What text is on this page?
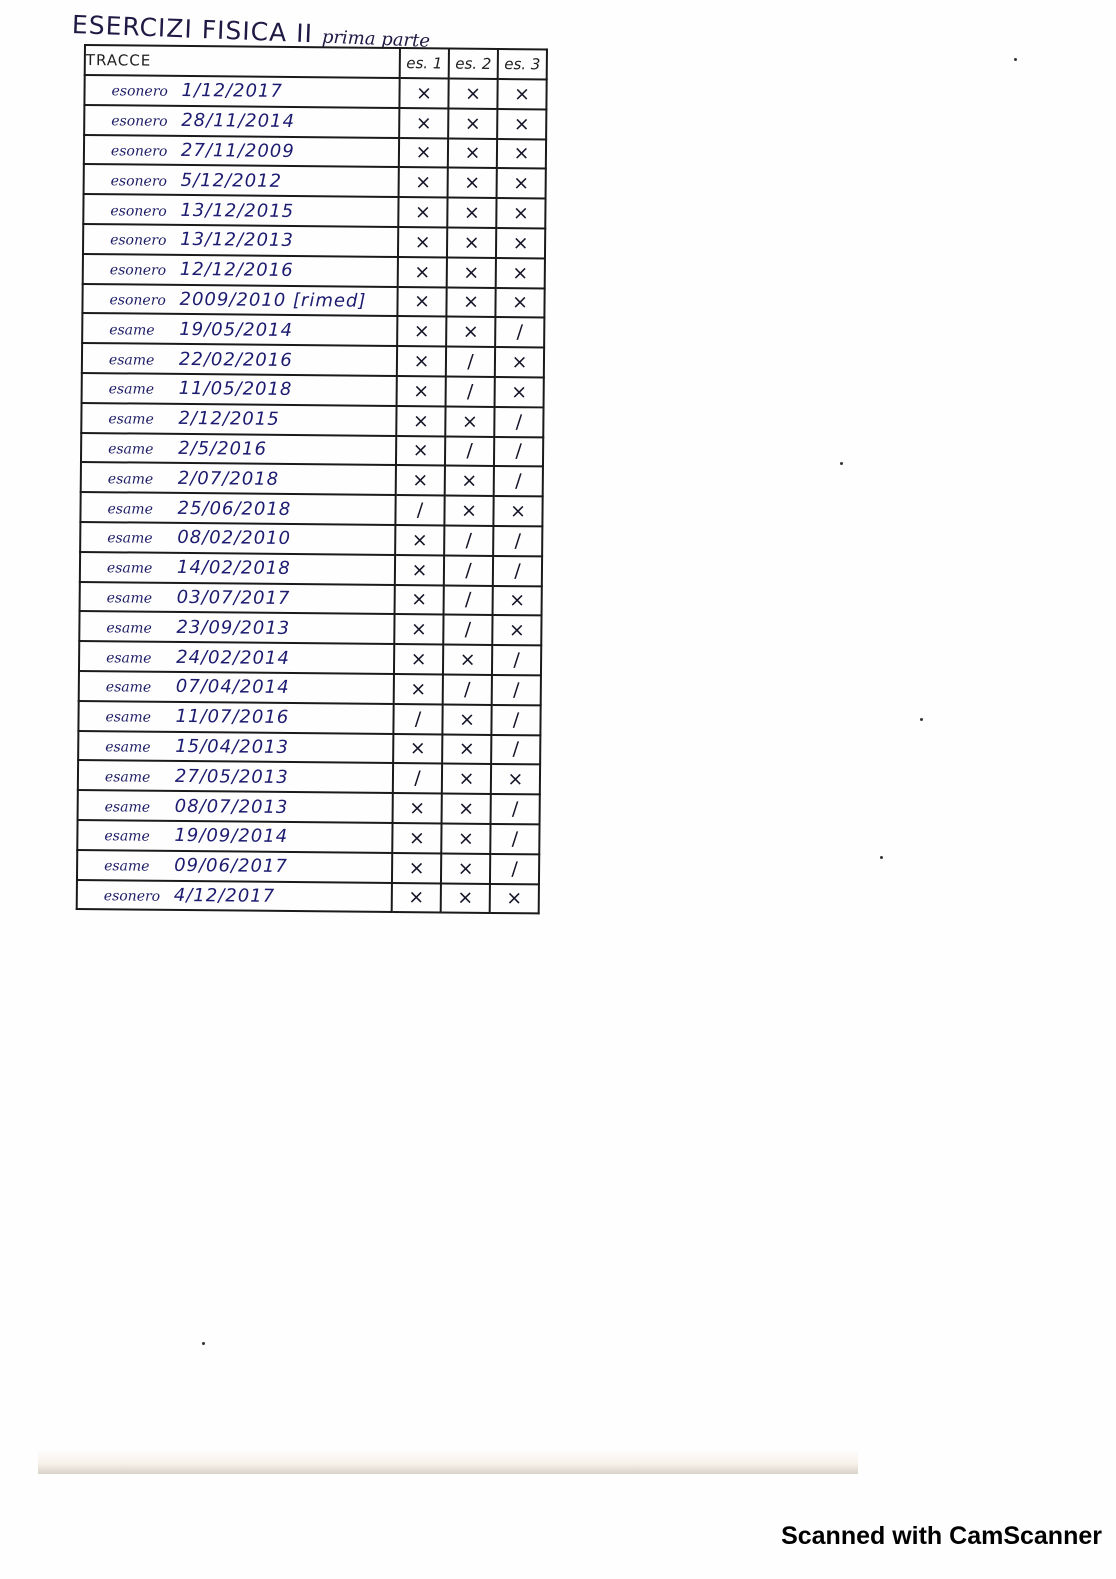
ESERCIZI FISICA II prima parte
TRACCE	es. 1	es. 2	es. 3
esonero 1/12/2017	×	×	×
esonero 28/11/2014	×	×	×
esonero 27/11/2009	×	×	×
esonero 5/12/2012	×	×	×
esonero 13/12/2015	×	×	×
esonero 13/12/2013	×	×	×
esonero 12/12/2016	×	×	×
esonero 2009/2010 [rimed]	×	×	×
esame 19/05/2014	×	×	/
esame 22/02/2016	×	/	×
esame 11/05/2018	×	/	×
esame 2/12/2015	×	×	/
esame 2/5/2016	×	/	/
esame 2/07/2018	×	×	/
esame 25/06/2018	/	×	×
esame 08/02/2010	×	/	/
esame 14/02/2018	×	/	/
esame 03/07/2017	×	/	×
esame 23/09/2013	×	/	×
esame 24/02/2014	×	×	/
esame 07/04/2014	×	/	/
esame 11/07/2016	/	×	/
esame 15/04/2013	×	×	/
esame 27/05/2013	/	×	×
esame 08/07/2013	×	×	/
esame 19/09/2014	×	×	/
esame 09/06/2017	×	×	/
esonero 4/12/2017	×	×	×
Scanned with CamScanner
